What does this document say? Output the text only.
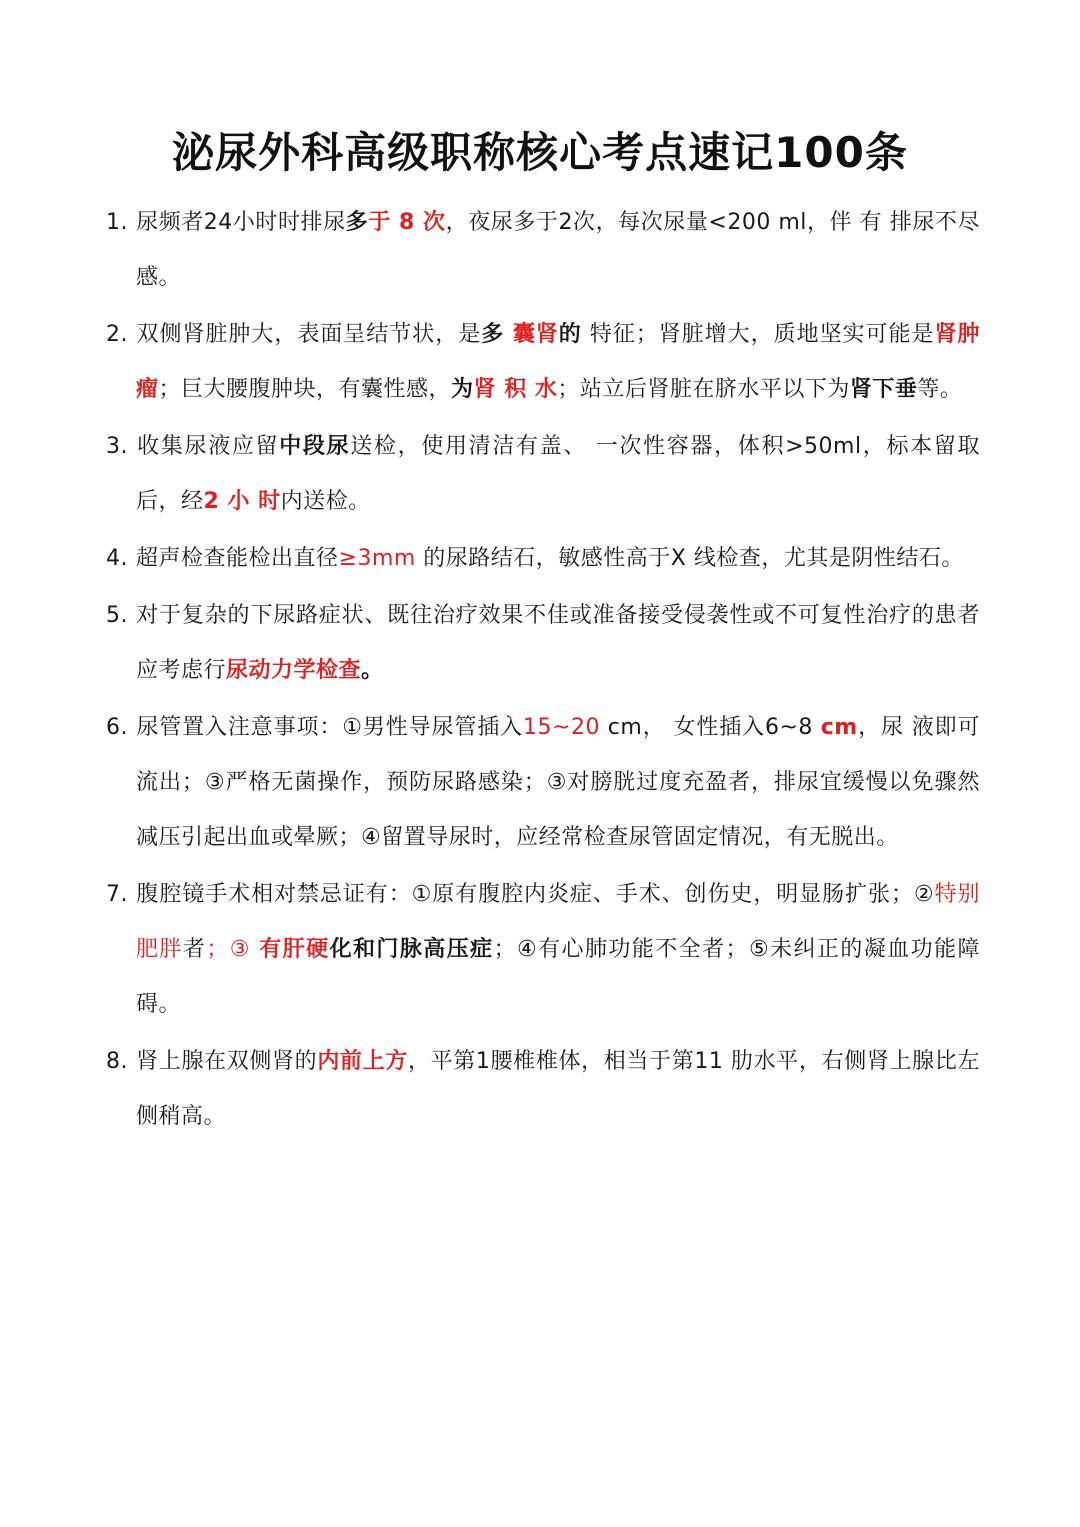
泌尿外科高级职称核心考点速记100条
1. 尿频者24小时时排尿多于 8 次，夜尿多于2次，每次尿量<200 ml，伴 有 排尿不尽感。
2. 双侧肾脏肿大，表面呈结节状，是多 囊肾的 特征；肾脏增大，质地坚实可能是肾肿瘤；巨大腰腹肿块，有囊性感，为肾 积 水；站立后肾脏在脐水平以下为肾下垂等。
3. 收集尿液应留中段尿送检，使用清洁有盖、 一次性容器，体积>50ml，标本留取后，经2 小 时内送检。
4. 超声检查能检出直径≥3mm 的尿路结石，敏感性高于X 线检查，尤其是阴性结石。
5. 对于复杂的下尿路症状、既往治疗效果不佳或准备接受侵袭性或不可复性治疗的患者应考虑行尿动力学检查。
6. 尿管置入注意事项：①男性导尿管插入15~20 cm， 女性插入6~8 cm，尿 液即可流出；③严格无菌操作，预防尿路感染；③对膀胱过度充盈者，排尿宜缓慢以免骤然减压引起出血或晕厥；④留置导尿时，应经常检查尿管固定情况，有无脱出。
7. 腹腔镜手术相对禁忌证有：①原有腹腔内炎症、手术、创伤史，明显肠扩张；②特别肥胖者；③ 有肝硬化和门脉高压症；④有心肺功能不全者；⑤未纠正的凝血功能障碍。
8. 肾上腺在双侧肾的内前上方，平第1腰椎椎体，相当于第11 肋水平，右侧肾上腺比左侧稍高。
